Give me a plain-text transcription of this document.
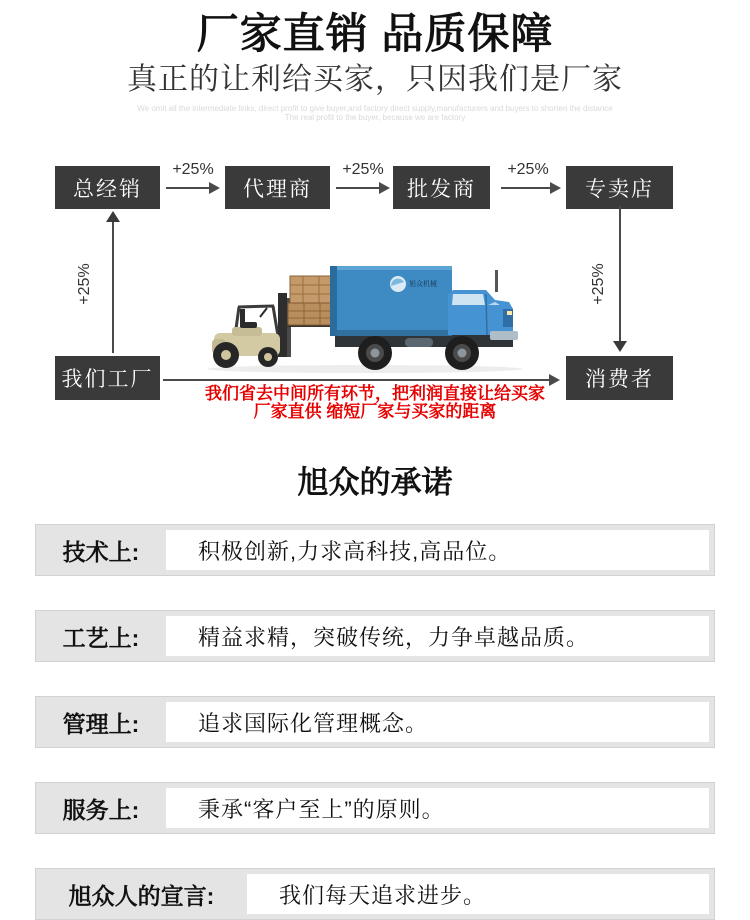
厂家直销 品质保障
真正的让利给买家，只因我们是厂家
We omit all the intermediate links, direct profit to give buyer,and factory direct supply,manufacturers and buyers to shorten the distance
The real profit to the buyer, because we are factory
总经销	代理商	批发商	专卖店
+25%	+25%	+25%
+25%	+25%
我们工厂	消费者
旭众机械
我们省去中间所有环节，把利润直接让给买家
厂家直供 缩短厂家与买家的距离
旭众的承诺
技术上:	积极创新,力求高科技,高品位。
工艺上:	精益求精，突破传统，力争卓越品质。
管理上:	追求国际化管理概念。
服务上:	秉承“客户至上”的原则。
旭众人的宣言:	我们每天追求进步。
